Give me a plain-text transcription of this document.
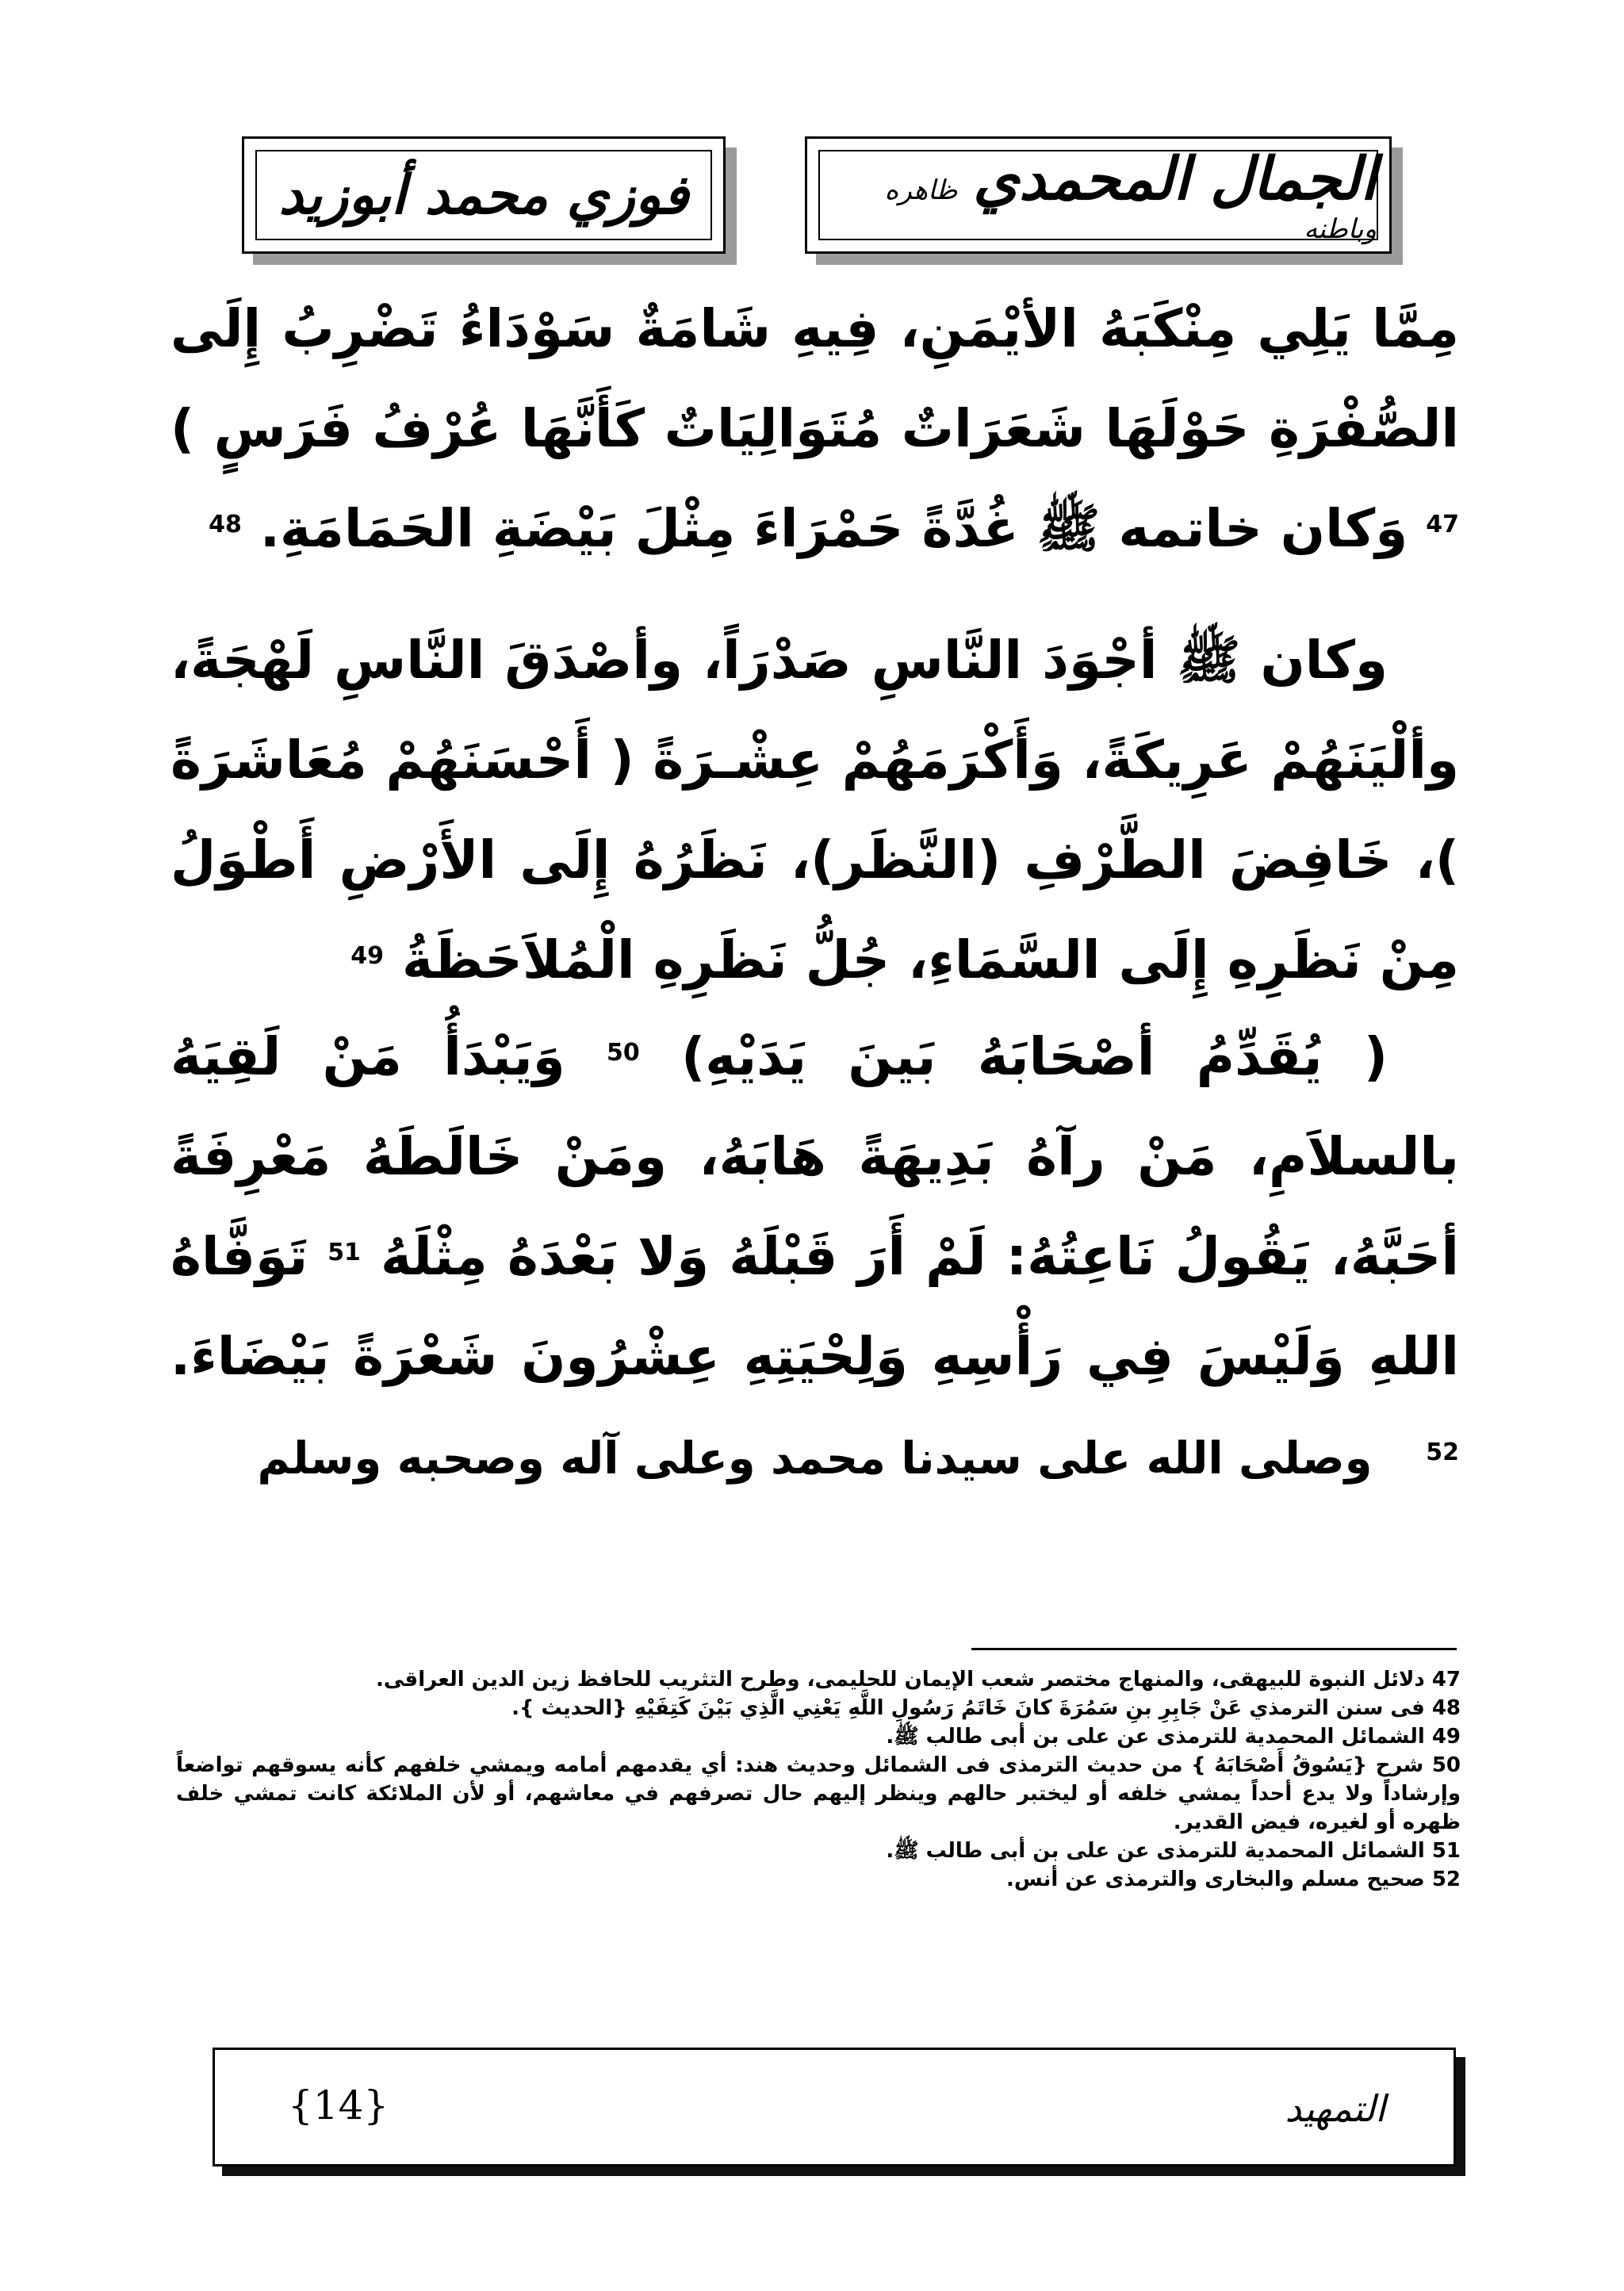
فوزي محمد أبوزيد	الجمال المحمدي ظاهره وباطنه

مِمَّا يَلِي مِنْكَبَهُ الأيْمَنِ، فِيهِ شَامَةٌ سَوْدَاءُ تَضْرِبُ إِلَى الصُّفْرَةِ حَوْلَهَا شَعَرَاتٌ مُتَوَالِيَاتٌ كَأَنَّهَا عُرْفُ فَرَسٍ ) $^{47}$ وَكان خاتمه ﷺ غُدَّةً حَمْرَاءَ مِثْلَ بَيْضَةِ الحَمَامَةِ. $^{48}$

وكان ﷺ أجْوَدَ النَّاسِ صَدْرَاً، وأصْدَقَ النَّاسِ لَهْجَةً، وألْيَنَهُمْ عَرِيكَةً، وَأَكْرَمَهُمْ عِشْـرَةً ( أَحْسَنَهُمْ مُعَاشَرَةً )، خَافِضَ الطَّرْفِ (النَّظَر)، نَظَرُهُ إِلَى الأَرْضِ أَطْوَلُ مِنْ نَظَرِهِ إِلَى السَّمَاءِ، جُلُّ نَظَرِهِ الْمُلاَحَظَةُ $^{49}$

( يُقَدِّمُ أصْحَابَهُ بَينَ يَدَيْهِ) $^{50}$ وَيَبْدَأُ مَنْ لَقِيَهُ بالسلاَمِ، مَنْ رآهُ بَدِيهَةً هَابَهُ، ومَنْ خَالَطَهُ مَعْرِفَةً أحَبَّهُ، يَقُولُ نَاعِتُهُ: لَمْ أَرَ قَبْلَهُ وَلا بَعْدَهُ مِثْلَهُ $^{51}$ تَوَفَّاهُ اللهِ وَلَيْسَ فِي رَأْسِهِ وَلِحْيَتِهِ عِشْرُونَ شَعْرَةً بَيْضَاءَ. $^{52}$

وصلى الله على سيدنا محمد وعلى آله وصحبه وسلم

47 دلائل النبوة للبيهقى، والمنهاج مختصر شعب الإيمان للحليمى، وطرح التثريب للحافظ زين الدين العراقى.

48 فى سنن الترمذي عَنْ جَابِرِ بنِ سَمُرَةَ كانَ خَاتَمُ رَسُولِ اللَّهِ يَعْنِي الَّذِي بَيْنَ كَتِفَيْهِ {الحديث }.

49 الشمائل المحمدية للترمذى عن على بن أبى طالب ﷺ.

50 شرح {يَسُوقُ أَصْحَابَهُ } من حديث الترمذى فى الشمائل وحديث هند: أي يقدمهم أمامه ويمشي خلفهم كأنه يسوقهم تواضعاً وإرشاداً ولا يدع أحداً يمشي خلفه أو ليختبر حالهم وينظر إليهم حال تصرفهم في معاشهم، أو لأن الملائكة كانت تمشي خلف ظهره أو لغيره، فيض القدير.

51 الشمائل المحمدية للترمذى عن على بن أبى طالب ﷺ.

52 صحيح مسلم والبخارى والترمذى عن أنس.

{14}	التمهيد
